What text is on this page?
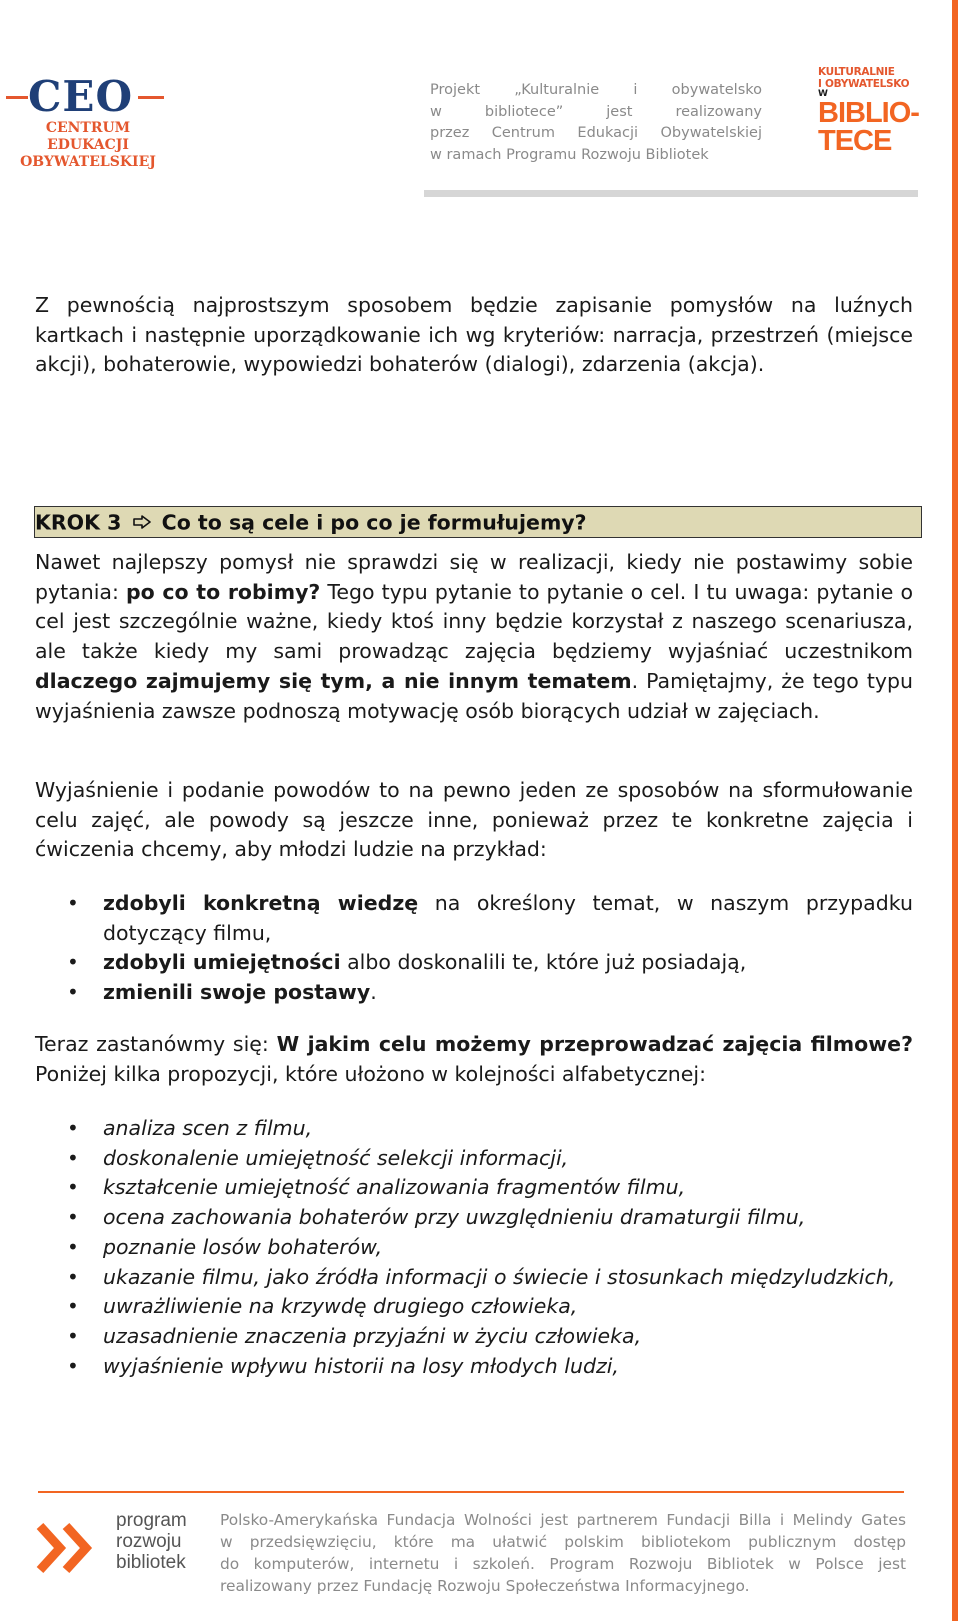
CEO
CENTRUM EDUKACJI
OBYWATELSKIEJ
Projekt „Kulturalnie i obywatelsko
w bibliotece” jest realizowany
przez Centrum Edukacji Obywatelskiej
w ramach Programu Rozwoju Bibliotek
KULTURALNIE
I OBYWATELSKO
W
BIBLIO-
TECE

Z pewnością najprostszym sposobem będzie zapisanie pomysłów na luźnych kartkach i następnie uporządkowanie ich wg kryteriów: narracja, przestrzeń (miejsce akcji), bohaterowie, wypowiedzi bohaterów (dialogi), zdarzenia (akcja).

KROK 3 Co to są cele i po co je formułujemy?

Nawet najlepszy pomysł nie sprawdzi się w realizacji, kiedy nie postawimy sobie pytania: po co to robimy? Tego typu pytanie to pytanie o cel. I tu uwaga: pytanie o cel jest szczególnie ważne, kiedy ktoś inny będzie korzystał z naszego scenariusza, ale także kiedy my sami prowadząc zajęcia będziemy wyjaśniać uczestnikom dlaczego zajmujemy się tym, a nie innym tematem. Pamiętajmy, że tego typu wyjaśnienia zawsze podnoszą motywację osób biorących udział w zajęciach.

Wyjaśnienie i podanie powodów to na pewno jeden ze sposobów na sformułowanie celu zajęć, ale powody są jeszcze inne, ponieważ przez te konkretne zajęcia i ćwiczenia chcemy, aby młodzi ludzie na przykład:

• zdobyli konkretną wiedzę na określony temat, w naszym przypadku dotyczący filmu,
• zdobyli umiejętności albo doskonalili te, które już posiadają,
• zmienili swoje postawy.

Teraz zastanówmy się: W jakim celu możemy przeprowadzać zajęcia filmowe? Poniżej kilka propozycji, które ułożono w kolejności alfabetycznej:

• analiza scen z filmu,
• doskonalenie umiejętność selekcji informacji,
• kształcenie umiejętność analizowania fragmentów filmu,
• ocena zachowania bohaterów przy uwzględnieniu dramaturgii filmu,
• poznanie losów bohaterów,
• ukazanie filmu, jako źródła informacji o świecie i stosunkach międzyludzkich,
• uwrażliwienie na krzywdę drugiego człowieka,
• uzasadnienie znaczenia przyjaźni w życiu człowieka,
• wyjaśnienie wpływu historii na losy młodych ludzi,
program
rozwoju
bibliotek
Polsko-Amerykańska Fundacja Wolności jest partnerem Fundacji Billa i Melindy Gates
w przedsięwzięciu, które ma ułatwić polskim bibliotekom publicznym dostęp
do komputerów, internetu i szkoleń. Program Rozwoju Bibliotek w Polsce jest
realizowany przez Fundację Rozwoju Społeczeństwa Informacyjnego.
